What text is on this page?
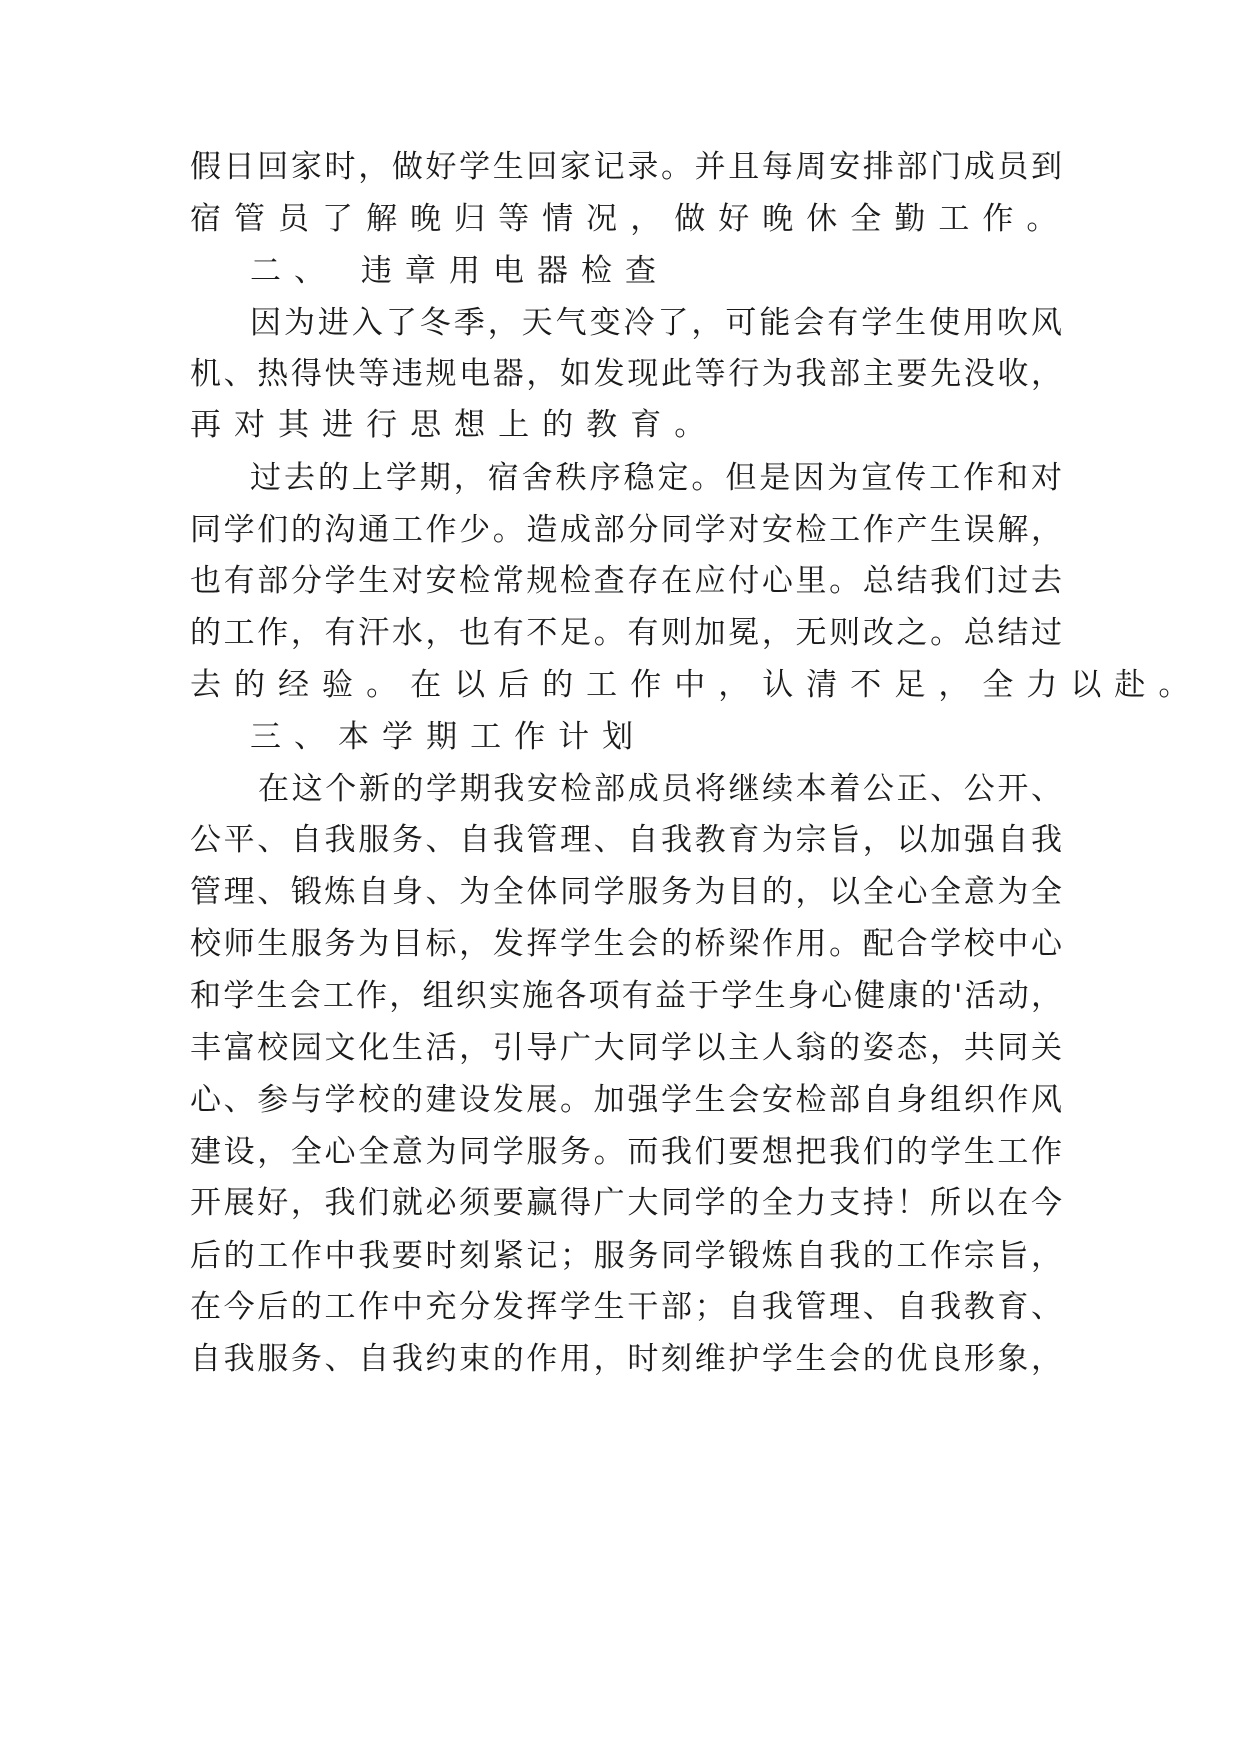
假日回家时，做好学生回家记录。并且每周安排部门成员到
宿管员了解晚归等情况，做好晚休全勤工作。
二、 违章用电器检查
因为进入了冬季，天气变冷了，可能会有学生使用吹风
机、热得快等违规电器，如发现此等行为我部主要先没收，
再对其进行思想上的教育。
过去的上学期，宿舍秩序稳定。但是因为宣传工作和对
同学们的沟通工作少。造成部分同学对安检工作产生误解，
也有部分学生对安检常规检查存在应付心里。总结我们过去
的工作，有汗水，也有不足。有则加冕，无则改之。总结过
去的经验。在以后的工作中，认清不足，全力以赴。
三、本学期工作计划
在这个新的学期我安检部成员将继续本着公正、公开、
公平、自我服务、自我管理、自我教育为宗旨，以加强自我
管理、锻炼自身、为全体同学服务为目的，以全心全意为全
校师生服务为目标，发挥学生会的桥梁作用。配合学校中心
和学生会工作，组织实施各项有益于学生身心健康的'活动，
丰富校园文化生活，引导广大同学以主人翁的姿态，共同关
心、参与学校的建设发展。加强学生会安检部自身组织作风
建设，全心全意为同学服务。而我们要想把我们的学生工作
开展好，我们就必须要赢得广大同学的全力支持！所以在今
后的工作中我要时刻紧记；服务同学锻炼自我的工作宗旨，
在今后的工作中充分发挥学生干部；自我管理、自我教育、
自我服务、自我约束的作用，时刻维护学生会的优良形象，
